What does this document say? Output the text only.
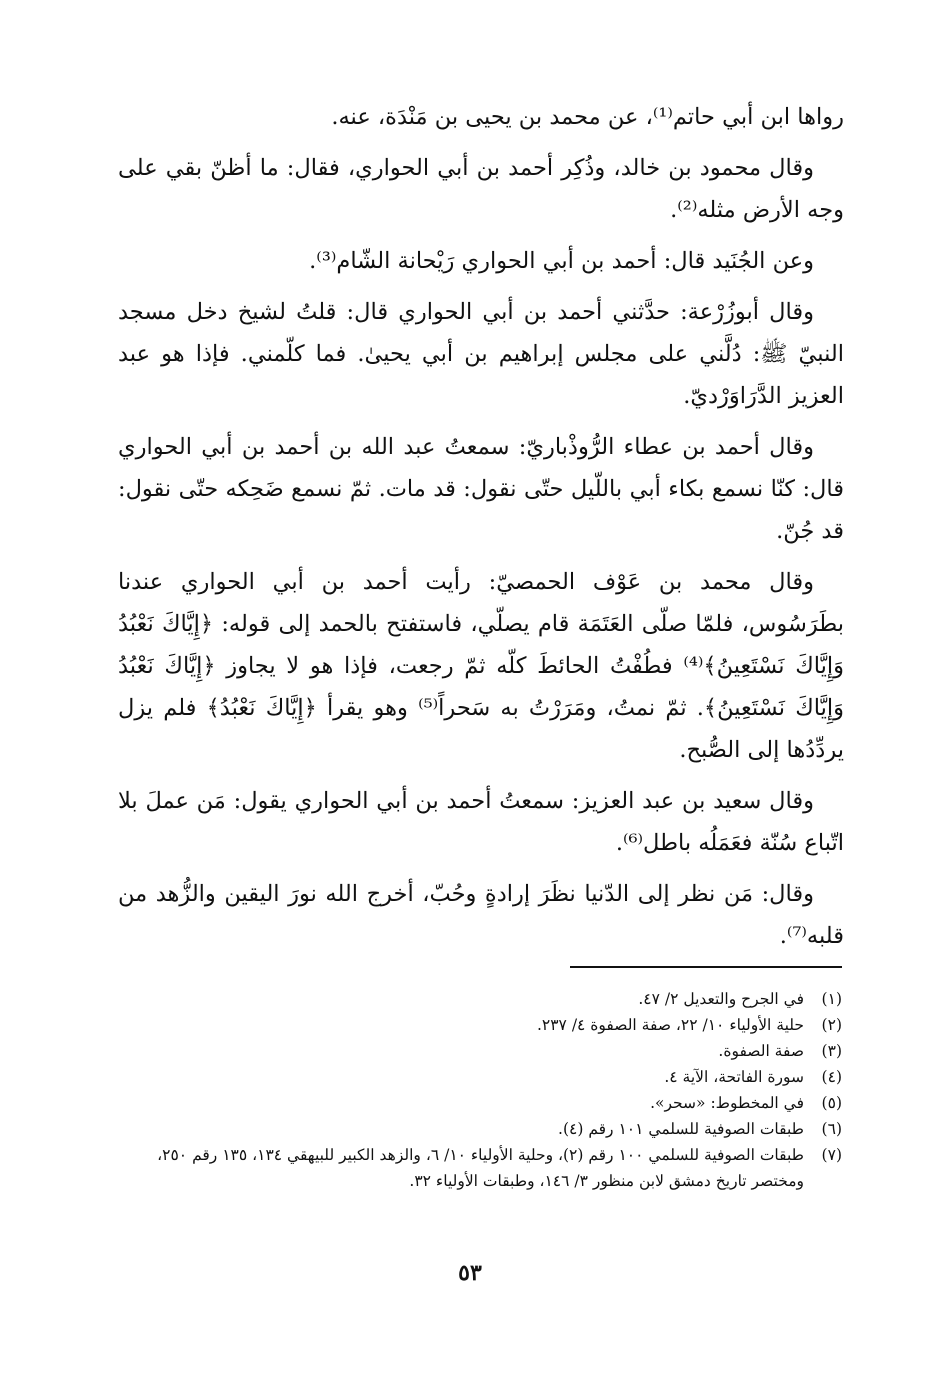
رواها ابن أبي حاتم⁽¹⁾، عن محمد بن يحيى بن مَنْدَة، عنه.

وقال محمود بن خالد، وذُكِر أحمد بن أبي الحواري، فقال: ما أظنّ بقي على وجه الأرض مثله⁽²⁾.

وعن الجُنَيد قال: أحمد بن أبي الحواري رَيْحانة الشّام⁽³⁾.

وقال أبوزُرْعة: حدَّثني أحمد بن أبي الحواري قال: قلتُ لشيخ دخل مسجد النبيّ ﷺ: دُلَّني على مجلس إبراهيم بن أبي يحيىٰ. فما كلّمني. فإذا هو عبد العزيز الدَّرَاوَرْديّ.

وقال أحمد بن عطاء الرُّوذْباريّ: سمعتُ عبد الله بن أحمد بن أبي الحواري قال: كنّا نسمع بكاء أبي باللّيل حتّى نقول: قد مات. ثمّ نسمع ضَحِكه حتّى نقول: قد جُنّ.

وقال محمد بن عَوْف الحمصيّ: رأيت أحمد بن أبي الحواري عندنا بطَرَسُوس، فلمّا صلّى العَتَمَة قام يصلّي، فاستفتح بالحمد إلى قوله: ﴿إِيَّاكَ نَعْبُدُ وَإِيَّاكَ نَسْتَعِينُ﴾⁽⁴⁾ فطُفْتُ الحائطَ كلّه ثمّ رجعت، فإذا هو لا يجاوز ﴿إِيَّاكَ نَعْبُدُ وَإِيَّاكَ نَسْتَعِينُ﴾. ثمّ نمتُ، ومَرَرْتُ به سَحراً⁽⁵⁾ وهو يقرأ ﴿إِيَّاكَ نَعْبُدُ﴾ فلم يزل يردِّدُها إلى الصُّبح.

وقال سعيد بن عبد العزيز: سمعتُ أحمد بن أبي الحواري يقول: مَن عملَ بلا اتّباع سُنّة فعَمَلُه باطل⁽⁶⁾.

وقال: مَن نظر إلى الدّنيا نظَرَ إرادةٍ وحُبّ، أخرج الله نورَ اليقين والزُّهد من قلبه⁽⁷⁾.

(١)
في الجرح والتعديل ٢/ ٤٧.
(٢)
حلية الأولياء ١٠/ ٢٢، صفة الصفوة ٤/ ٢٣٧.
(٣)
صفة الصفوة.
(٤)
سورة الفاتحة، الآية ٤.
(٥)
في المخطوط: «سحر».
(٦)
طبقات الصوفية للسلمي ١٠١ رقم (٤).
(٧)
طبقات الصوفية للسلمي ١٠٠ رقم (٢)، وحلية الأولياء ١٠/ ٦، والزهد الكبير للبيهقي ١٣٤، ١٣٥ رقم ٢٥٠، ومختصر تاريخ دمشق لابن منظور ٣/ ١٤٦، وطبقات الأولياء ٣٢.
٥٣
